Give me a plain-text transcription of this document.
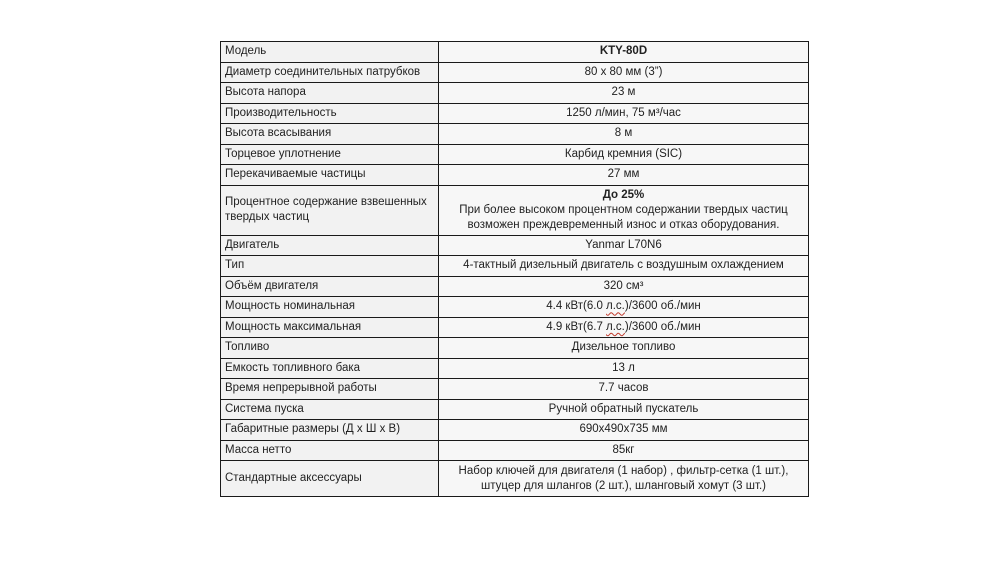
Модель	KTY-80D
Диаметр соединительных патрубков	80 х 80 мм (3”)
Высота напора	23 м
Производительность	1250 л/мин, 75 м³/час
Высота всасывания	8 м
Торцевое уплотнение	Карбид кремния (SIC)
Перекачиваемые частицы	27 мм
Процентное содержание взвешенных твердых частиц	До 25%
При более высоком процентном содержании твердых частиц
возможен преждевременный износ и отказ оборудования.

Двигатель	Yanmar L70N6
Тип	4-тактный дизельный двигатель с воздушным охлаждением
Объём двигателя	320 см³
Мощность номинальная	4.4 кВт(6.0 л.с.)/3600 об./мин
Мощность максимальная	4.9 кВт(6.7 л.с.)/3600 об./мин
Топливо	Дизельное топливо
Емкость топливного бака	13 л
Время непрерывной работы	7.7 часов
Система пуска	Ручной обратный пускатель
Габаритные размеры (Д х Ш х В)	690х490х735 мм
Масса нетто	85кг
Стандартные аксессуары	Набор ключей для двигателя (1 набор) , фильтр-сетка (1 шт.),
штуцер для шлангов (2 шт.), шланговый хомут (3 шт.)
